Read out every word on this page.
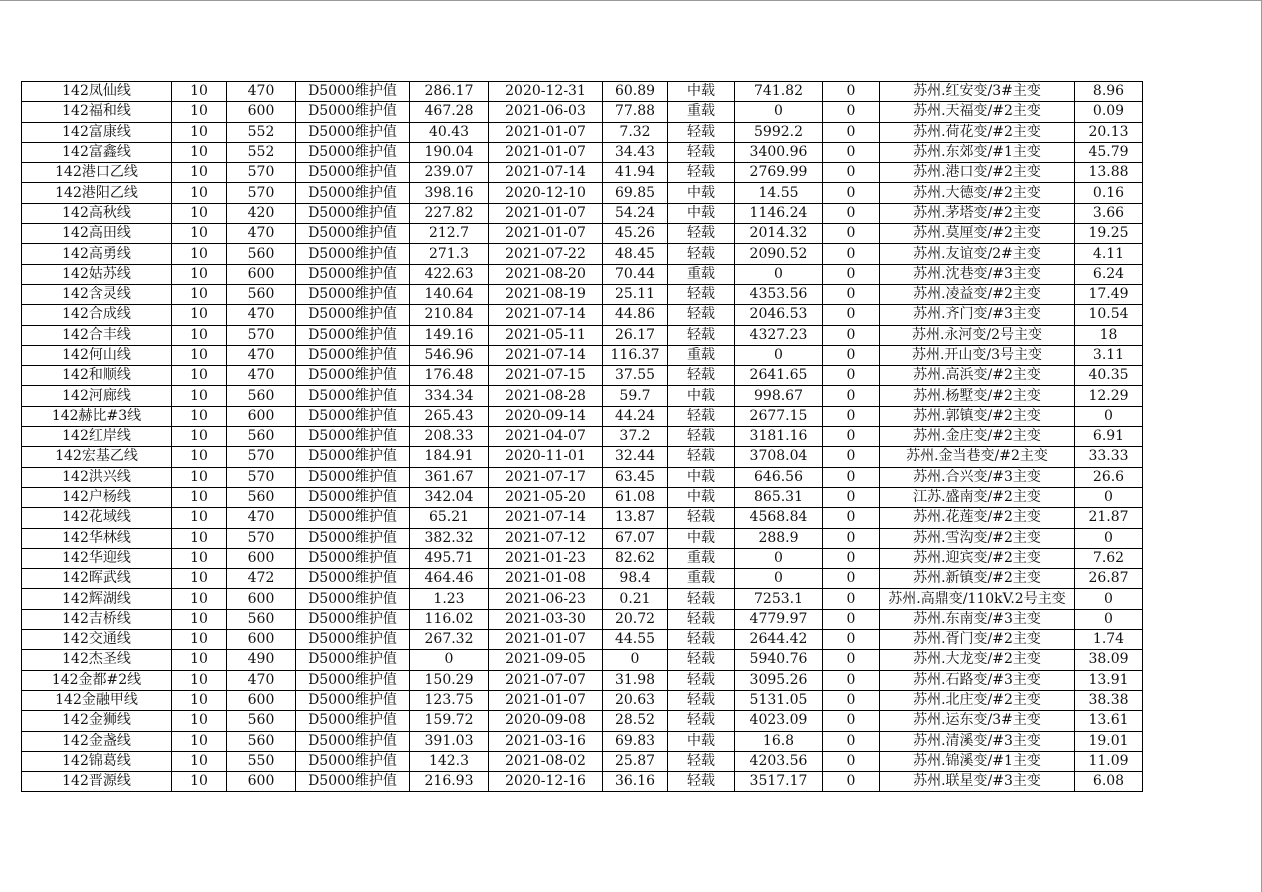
142凤仙线	10	470	D5000维护值	286.17	2020-12-31	60.89	中载	741.82	0	苏州.红安变/3#主变	8.96
142福和线	10	600	D5000维护值	467.28	2021-06-03	77.88	重载	0	0	苏州.天福变/#2主变	0.09
142富康线	10	552	D5000维护值	40.43	2021-01-07	7.32	轻载	5992.2	0	苏州.荷花变/#2主变	20.13
142富鑫线	10	552	D5000维护值	190.04	2021-01-07	34.43	轻载	3400.96	0	苏州.东郊变/#1主变	45.79
142港口乙线	10	570	D5000维护值	239.07	2021-07-14	41.94	轻载	2769.99	0	苏州.港口变/#2主变	13.88
142港阳乙线	10	570	D5000维护值	398.16	2020-12-10	69.85	中载	14.55	0	苏州.大德变/#2主变	0.16
142高秋线	10	420	D5000维护值	227.82	2021-01-07	54.24	中载	1146.24	0	苏州.茅塔变/#2主变	3.66
142高田线	10	470	D5000维护值	212.7	2021-01-07	45.26	轻载	2014.32	0	苏州.莫厘变/#2主变	19.25
142高勇线	10	560	D5000维护值	271.3	2021-07-22	48.45	轻载	2090.52	0	苏州.友谊变/2#主变	4.11
142姑苏线	10	600	D5000维护值	422.63	2021-08-20	70.44	重载	0	0	苏州.沈巷变/#3主变	6.24
142含灵线	10	560	D5000维护值	140.64	2021-08-19	25.11	轻载	4353.56	0	苏州.凌益变/#2主变	17.49
142合成线	10	470	D5000维护值	210.84	2021-07-14	44.86	轻载	2046.53	0	苏州.齐门变/#3主变	10.54
142合丰线	10	570	D5000维护值	149.16	2021-05-11	26.17	轻载	4327.23	0	苏州.永河变/2号主变	18
142何山线	10	470	D5000维护值	546.96	2021-07-14	116.37	重载	0	0	苏州.开山变/3号主变	3.11
142和顺线	10	470	D5000维护值	176.48	2021-07-15	37.55	轻载	2641.65	0	苏州.高浜变/#2主变	40.35
142河廊线	10	560	D5000维护值	334.34	2021-08-28	59.7	中载	998.67	0	苏州.杨墅变/#2主变	12.29
142赫比#3线	10	600	D5000维护值	265.43	2020-09-14	44.24	轻载	2677.15	0	苏州.郭镇变/#2主变	0
142红岸线	10	560	D5000维护值	208.33	2021-04-07	37.2	轻载	3181.16	0	苏州.金庄变/#2主变	6.91
142宏基乙线	10	570	D5000维护值	184.91	2020-11-01	32.44	轻载	3708.04	0	苏州.金当巷变/#2主变	33.33
142洪兴线	10	570	D5000维护值	361.67	2021-07-17	63.45	中载	646.56	0	苏州.合兴变/#3主变	26.6
142户杨线	10	560	D5000维护值	342.04	2021-05-20	61.08	中载	865.31	0	江苏.盛南变/#2主变	0
142花域线	10	470	D5000维护值	65.21	2021-07-14	13.87	轻载	4568.84	0	苏州.花莲变/#2主变	21.87
142华林线	10	570	D5000维护值	382.32	2021-07-12	67.07	中载	288.9	0	苏州.雪沟变/#2主变	0
142华迎线	10	600	D5000维护值	495.71	2021-01-23	82.62	重载	0	0	苏州.迎宾变/#2主变	7.62
142晖武线	10	472	D5000维护值	464.46	2021-01-08	98.4	重载	0	0	苏州.新镇变/#2主变	26.87
142辉湖线	10	600	D5000维护值	1.23	2021-06-23	0.21	轻载	7253.1	0	苏州.高鼎变/110kV.2号主变	0
142吉桥线	10	560	D5000维护值	116.02	2021-03-30	20.72	轻载	4779.97	0	苏州.东南变/#3主变	0
142交通线	10	600	D5000维护值	267.32	2021-01-07	44.55	轻载	2644.42	0	苏州.胥门变/#2主变	1.74
142杰圣线	10	490	D5000维护值	0	2021-09-05	0	轻载	5940.76	0	苏州.大龙变/#2主变	38.09
142金都#2线	10	470	D5000维护值	150.29	2021-07-07	31.98	轻载	3095.26	0	苏州.石路变/#3主变	13.91
142金融甲线	10	600	D5000维护值	123.75	2021-01-07	20.63	轻载	5131.05	0	苏州.北庄变/#2主变	38.38
142金狮线	10	560	D5000维护值	159.72	2020-09-08	28.52	轻载	4023.09	0	苏州.运东变/3#主变	13.61
142金盏线	10	560	D5000维护值	391.03	2021-03-16	69.83	中载	16.8	0	苏州.清溪变/#3主变	19.01
142锦葛线	10	550	D5000维护值	142.3	2021-08-02	25.87	轻载	4203.56	0	苏州.锦溪变/#1主变	11.09
142晋源线	10	600	D5000维护值	216.93	2020-12-16	36.16	轻载	3517.17	0	苏州.联星变/#3主变	6.08
